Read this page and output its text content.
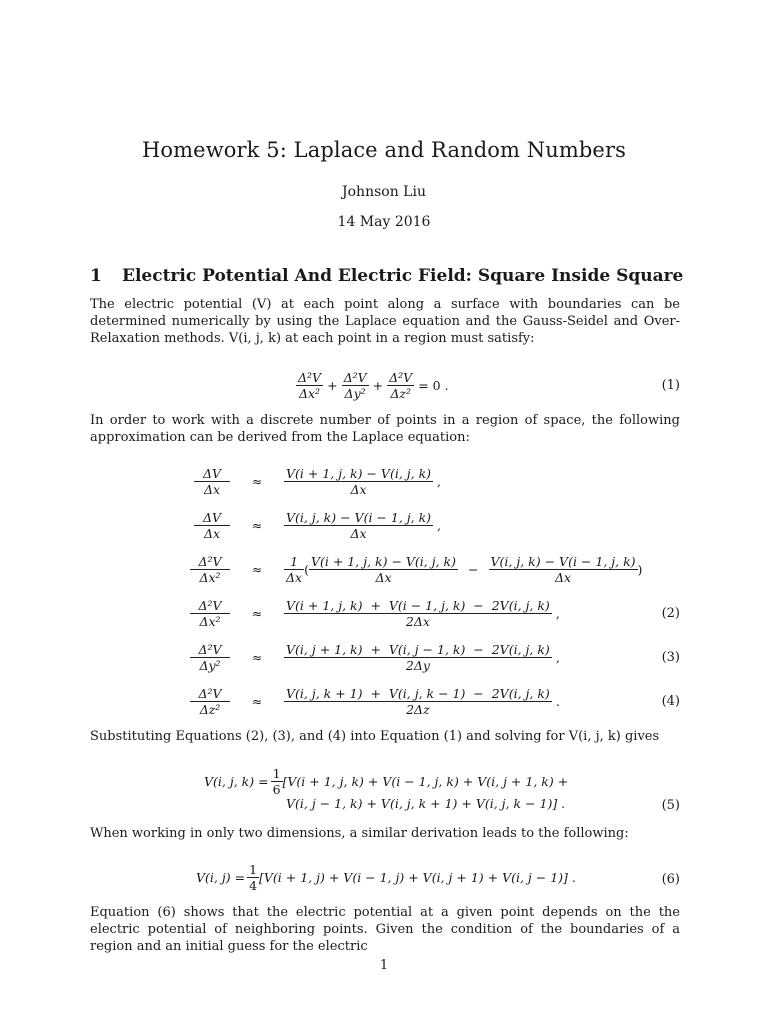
Homework 5: Laplace and Random Numbers
Johnson Liu
14 May 2016
1 Electric Potential And Electric Field: Square Inside Square
The electric potential (V) at each point along a surface with boundaries can be determined numerically by using the Laplace equation and the Gauss-Seidel and Over-Relaxation methods. V(i, j, k) at each point in a region must satisfy:
$\frac{\text{Δ²V}}{\text{Δx²}} + \frac{\text{Δ²V}}{\text{Δy²}} + \frac{\text{Δ²V}}{\text{Δz²}} = 0$ .	(1)
In order to work with a discrete number of points in a region of space, the following approximation can be derived from the Laplace equation:
$\frac{\Delta V}{\Delta x}$	≈	$\frac{V(i + 1, j, k) - V(i, j, k)}{\Delta x}$ ,
$\frac{\Delta V}{\Delta x}$	≈	$\frac{V(i, j, k) - V(i - 1, j, k)}{\Delta x}$ ,
$\frac{\text{Δ²V}}{\text{Δx²}}$	≈	$\frac{1}{\Delta x}$ ( $\frac{V(i + 1, j, k) - V(i, j, k)}{\Delta x} - \frac{V(i, j, k) - V(i - 1, j, k)}{\Delta x}$ )
$\frac{\text{Δ²V}}{\text{Δx²}}$	≈	$\frac{V(i + 1, j, k) + V(i - 1, j, k) - 2V(i, j, k)}{2\Delta x}$ ,	(2)
$\frac{\text{Δ²V}}{\text{Δy²}}$	≈	$\frac{V(i, j + 1, k) + V(i, j - 1, k) - 2V(i, j, k)}{2\Delta y}$ ,	(3)
$\frac{\text{Δ²V}}{\text{Δz²}}$	≈	$\frac{V(i, j, k + 1) + V(i, j, k - 1) - 2V(i, j, k)}{2\Delta z}$ .	(4)
Substituting Equations (2), (3), and (4) into Equation (1) and solving for V(i, j, k) gives
V(i, j, $k) = \frac{1}{6} [V(i + 1$, j, k) + V(i − 1, j, k) + V(i, j + 1, k) +
V(i, j − 1, k) + V(i, j, k + 1) + V(i, j, k − 1)] .	(5)
When working in only two dimensions, a similar derivation leads to the following:
V(i, $j) = \frac{1}{4} [V(i + 1$, j) + V(i − 1, j) + V(i, j + 1) + V(i, j − 1)] .	(6)
Equation (6) shows that the electric potential at a given point depends on the the electric potential of neighboring points. Given the condition of the boundaries of a region and an initial guess for the electric
1
